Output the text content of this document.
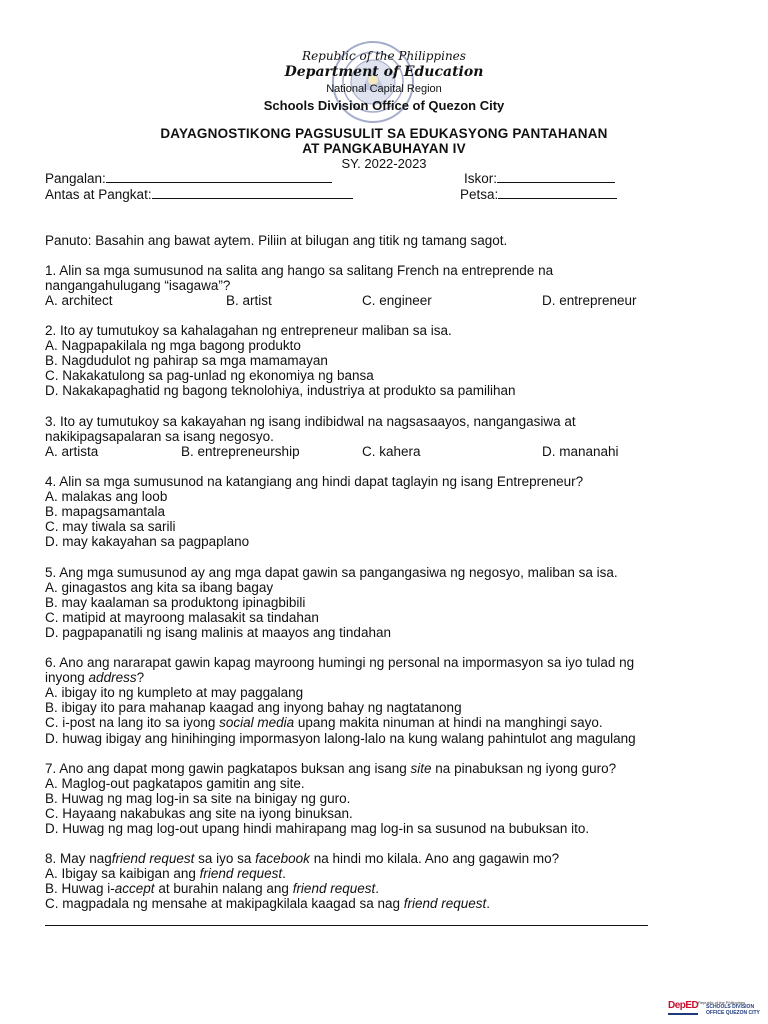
Republic of the Philippines
Department of Education
National Capital Region
Schools Division Office of Quezon City
DAYAGNOSTIKONG PAGSUSULIT SA EDUKASYONG PANTAHANAN
AT PANGKABUHAYAN IV
SY. 2022-2023
Pangalan:	Iskor:
Antas at Pangkat:	Petsa:
Panuto: Basahin ang bawat aytem. Piliin at bilugan ang titik ng tamang sagot.
1. Alin sa mga sumusunod na salita ang hango sa salitang French na entreprende na
nangangahulugang “isagawa”?
A. architect	B. artist	C. engineer	D. entrepreneur
2. Ito ay tumutukoy sa kahalagahan ng entrepreneur maliban sa isa.
A. Nagpapakilala ng mga bagong produkto
B. Nagdudulot ng pahirap sa mga mamamayan
C. Nakakatulong sa pag-unlad ng ekonomiya ng bansa
D. Nakakapaghatid ng bagong teknolohiya, industriya at produkto sa pamilihan
3. Ito ay tumutukoy sa kakayahan ng isang indibidwal na nagsasaayos, nangangasiwa at
nakikipagsapalaran sa isang negosyo.
A. artista	B. entrepreneurship	C. kahera	D. mananahi
4. Alin sa mga sumusunod na katangiang ang hindi dapat taglayin ng isang Entrepreneur?
A. malakas ang loob
B. mapagsamantala
C. may tiwala sa sarili
D. may kakayahan sa pagpaplano
5. Ang mga sumusunod ay ang mga dapat gawin sa pangangasiwa ng negosyo, maliban sa isa.
A. ginagastos ang kita sa ibang bagay
B. may kaalaman sa produktong ipinagbibili
C. matipid at mayroong malasakit sa tindahan
D. pagpapanatili ng isang malinis at maayos ang tindahan
6. Ano ang nararapat gawin kapag mayroong humingi ng personal na impormasyon sa iyo tulad ng
inyong address?
A. ibigay ito ng kumpleto at may paggalang
B. ibigay ito para mahanap kaagad ang inyong bahay ng nagtatanong
C. i-post na lang ito sa iyong social media upang makita ninuman at hindi na manghingi sayo.
D. huwag ibigay ang hinihinging impormasyon lalong-lalo na kung walang pahintulot ang magulang
7. Ano ang dapat mong gawin pagkatapos buksan ang isang site na pinabuksan ng iyong guro?
A. Maglog-out pagkatapos gamitin ang site.
B. Huwag ng mag log-in sa site na binigay ng guro.
C. Hayaang nakabukas ang site na iyong binuksan.
D. Huwag ng mag log-out upang hindi mahirapang mag log-in sa susunod na bubuksan ito.
8. May nagfriend request sa iyo sa facebook na hindi mo kilala. Ano ang gagawin mo?
A. Ibigay sa kaibigan ang friend request.
B. Huwag i-accept at burahin nalang ang friend request.
C. magpadala ng mensahe at makipagkilala kaagad sa nag friend request.
DepED Republic of the Philippines
SCHOOLS DIVISION
OFFICE QUEZON CITY
